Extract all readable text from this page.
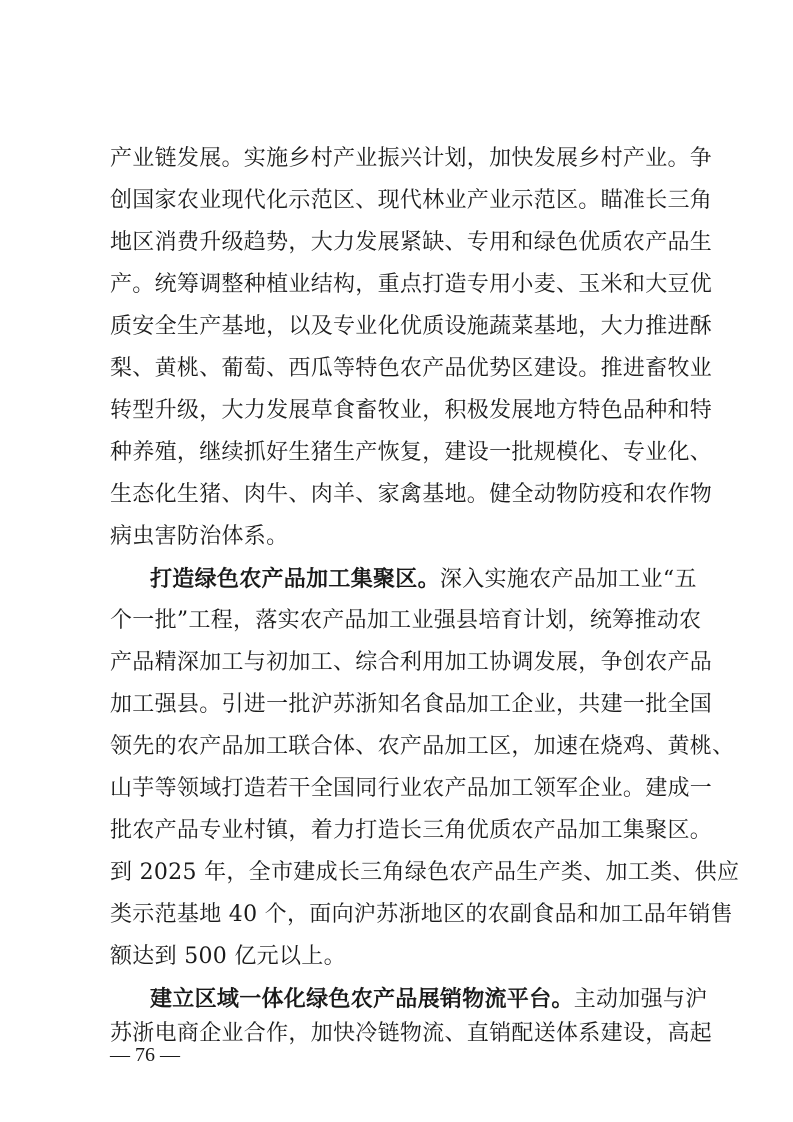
产业链发展。实施乡村产业振兴计划，加快发展乡村产业。争
创国家农业现代化示范区、现代林业产业示范区。瞄准长三角
地区消费升级趋势，大力发展紧缺、专用和绿色优质农产品生
产。统筹调整种植业结构，重点打造专用小麦、玉米和大豆优
质安全生产基地，以及专业化优质设施蔬菜基地，大力推进酥
梨、黄桃、葡萄、西瓜等特色农产品优势区建设。推进畜牧业
转型升级，大力发展草食畜牧业，积极发展地方特色品种和特
种养殖，继续抓好生猪生产恢复，建设一批规模化、专业化、
生态化生猪、肉牛、肉羊、家禽基地。健全动物防疫和农作物
病虫害防治体系。
打造绿色农产品加工集聚区。深入实施农产品加工业“五
个一批”工程，落实农产品加工业强县培育计划，统筹推动农
产品精深加工与初加工、综合利用加工协调发展，争创农产品
加工强县。引进一批沪苏浙知名食品加工企业，共建一批全国
领先的农产品加工联合体、农产品加工区，加速在烧鸡、黄桃、
山芋等领域打造若干全国同行业农产品加工领军企业。建成一
批农产品专业村镇，着力打造长三角优质农产品加工集聚区。
到 2025 年，全市建成长三角绿色农产品生产类、加工类、供应
类示范基地 40 个，面向沪苏浙地区的农副食品和加工品年销售
额达到 500 亿元以上。
建立区域一体化绿色农产品展销物流平台。主动加强与沪
苏浙电商企业合作，加快冷链物流、直销配送体系建设，高起
— 76 —
